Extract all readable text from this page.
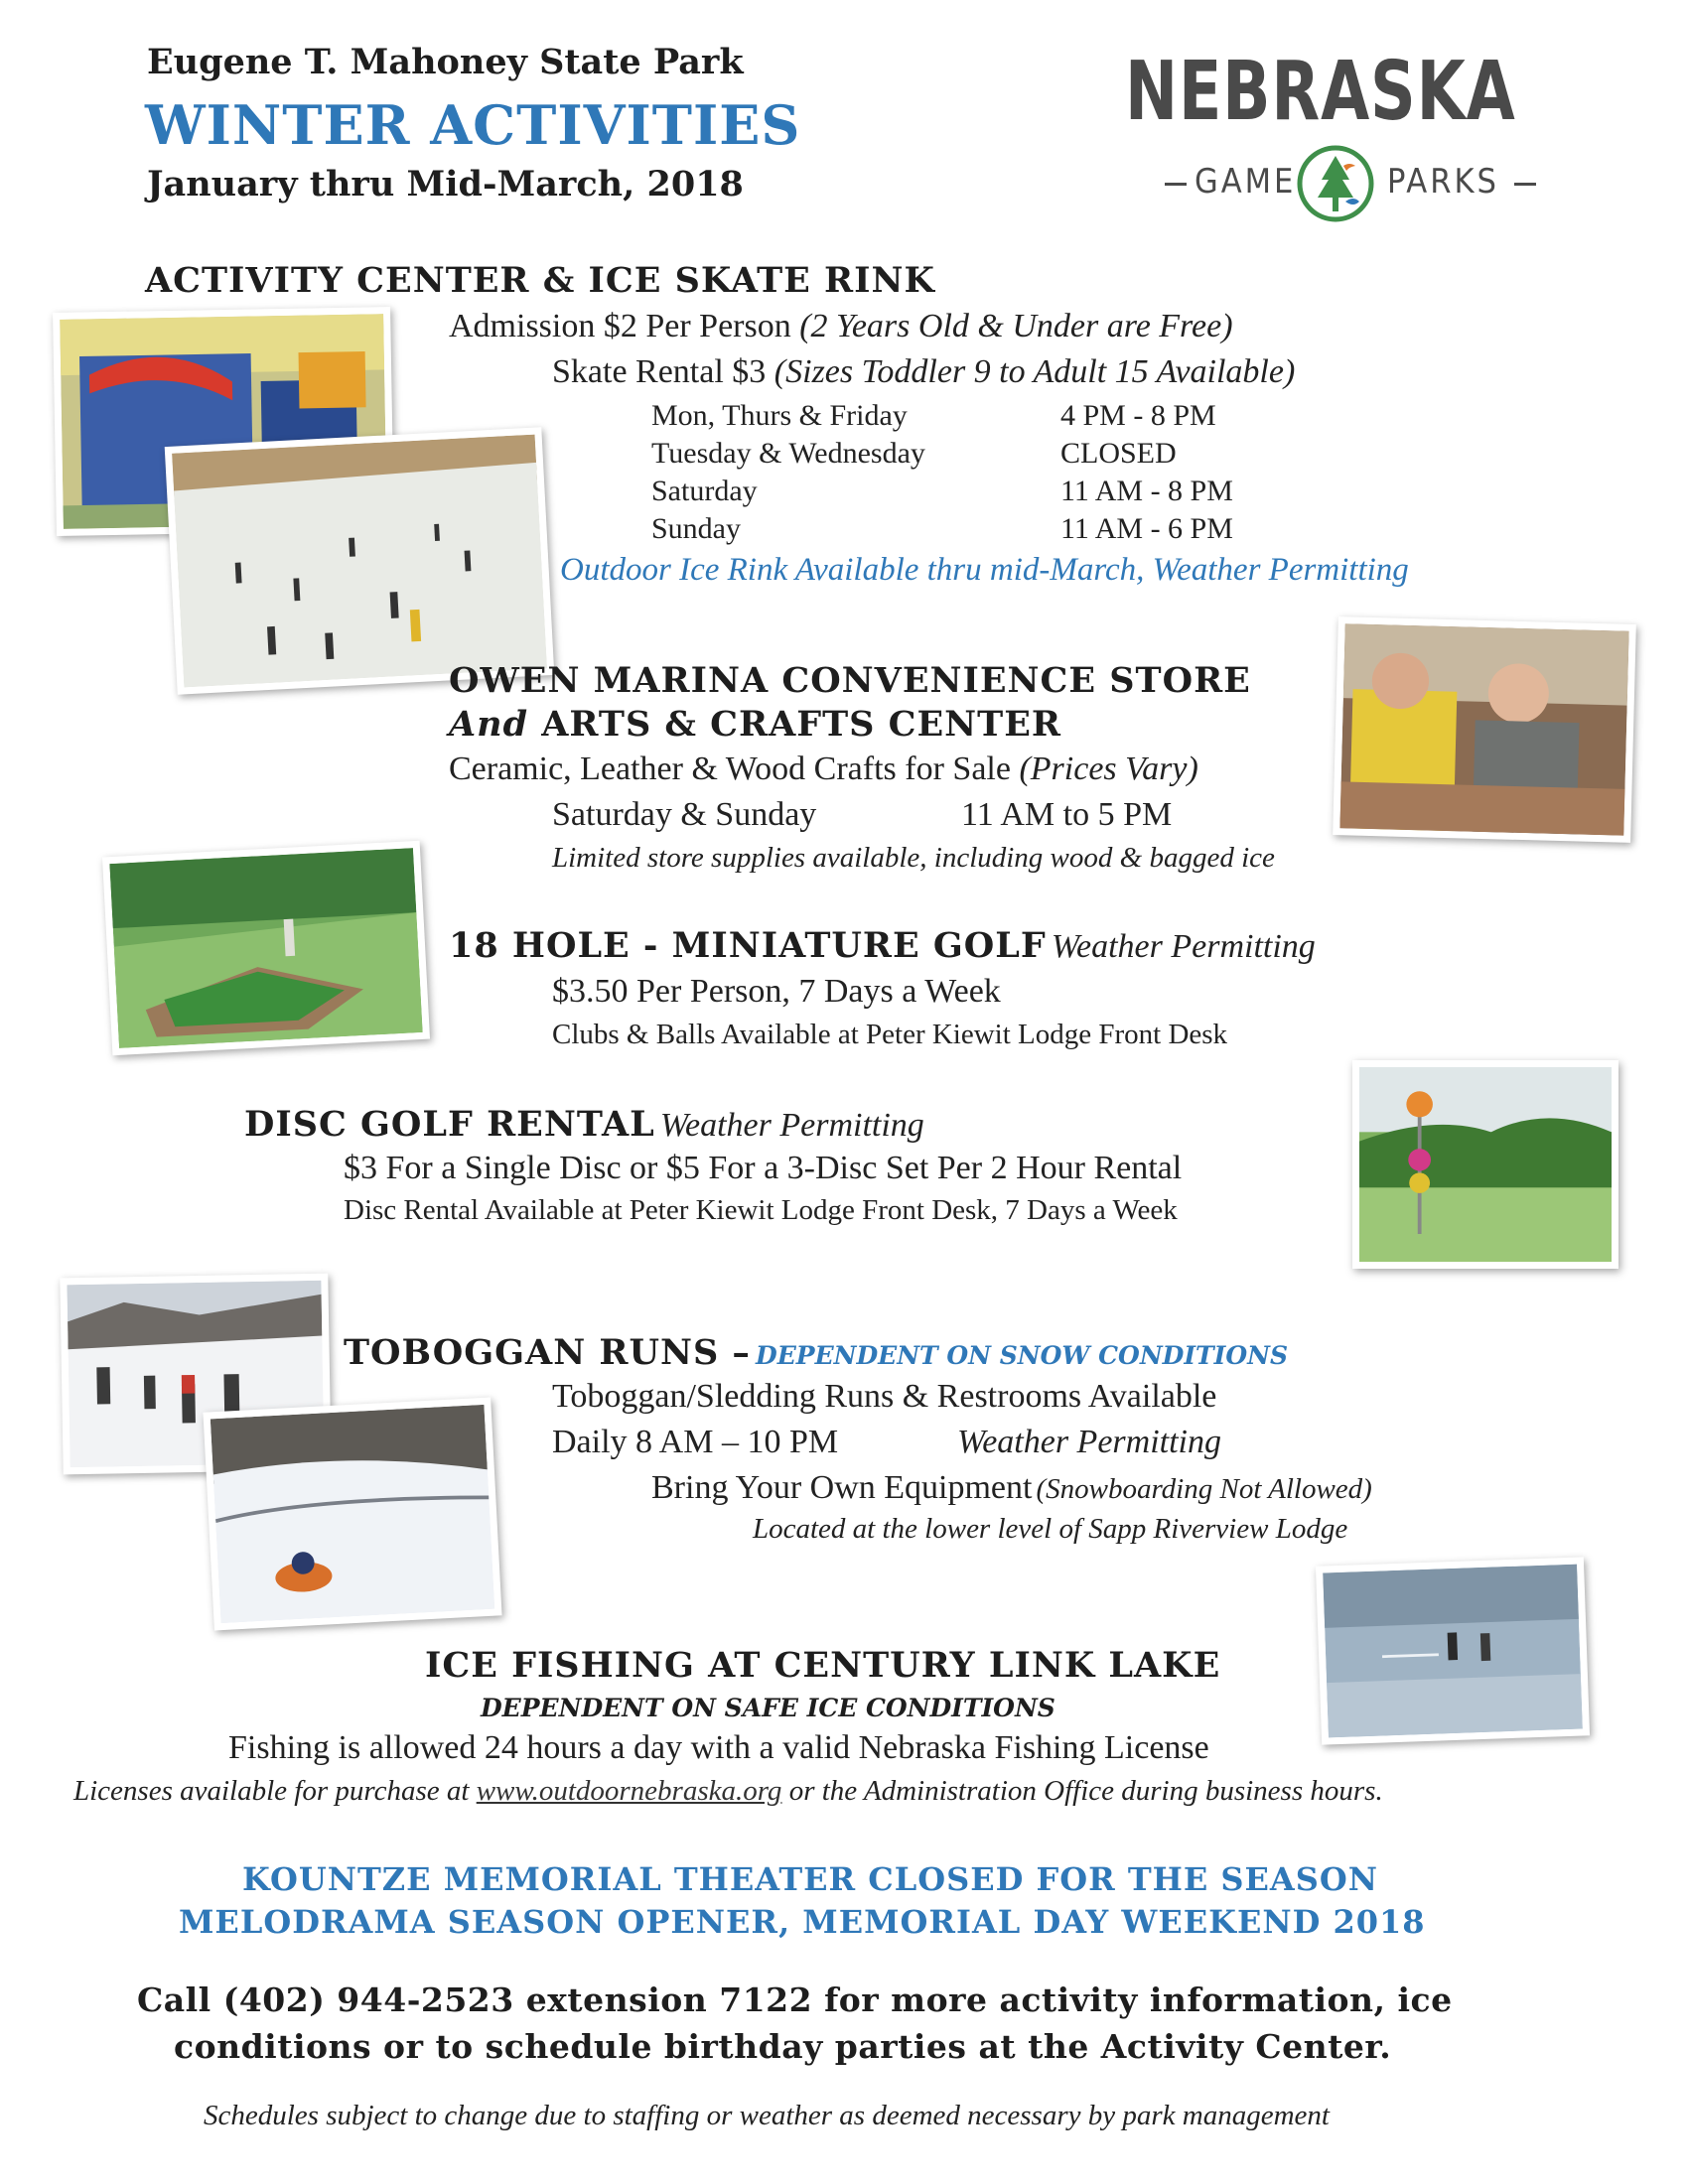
Eugene T. Mahoney State Park
WINTER ACTIVITIES
January thru Mid-March, 2018
NEBRASKA
GAME	PARKS
ACTIVITY CENTER & ICE SKATE RINK
Admission $2 Per Person (2 Years Old & Under are Free)
Skate Rental $3 (Sizes Toddler 9 to Adult 15 Available)
Mon, Thurs & Friday	4 PM - 8 PM
Tuesday & Wednesday	CLOSED
Saturday	11 AM - 8 PM
Sunday	11 AM - 6 PM
Outdoor Ice Rink Available thru mid-March, Weather Permitting
OWEN MARINA CONVENIENCE STORE
And ARTS & CRAFTS CENTER
Ceramic, Leather & Wood Crafts for Sale (Prices Vary)
Saturday & Sunday	11 AM to 5 PM
Limited store supplies available, including wood & bagged ice
18 HOLE - MINIATURE GOLF Weather Permitting
$3.50 Per Person, 7 Days a Week
Clubs & Balls Available at Peter Kiewit Lodge Front Desk
DISC GOLF RENTAL Weather Permitting
$3 For a Single Disc or $5 For a 3-Disc Set Per 2 Hour Rental
Disc Rental Available at Peter Kiewit Lodge Front Desk, 7 Days a Week
TOBOGGAN RUNS – DEPENDENT ON SNOW CONDITIONS
Toboggan/Sledding Runs & Restrooms Available
Daily 8 AM – 10 PM	Weather Permitting
Bring Your Own Equipment (Snowboarding Not Allowed)
Located at the lower level of Sapp Riverview Lodge
ICE FISHING AT CENTURY LINK LAKE
DEPENDENT ON SAFE ICE CONDITIONS
Fishing is allowed 24 hours a day with a valid Nebraska Fishing License
Licenses available for purchase at www.outdoornebraska.org or the Administration Office during business hours.
KOUNTZE MEMORIAL THEATER CLOSED FOR THE SEASON
MELODRAMA SEASON OPENER, MEMORIAL DAY WEEKEND 2018
Call (402) 944-2523 extension 7122 for more activity information, ice
conditions or to schedule birthday parties at the Activity Center.
Schedules subject to change due to staffing or weather as deemed necessary by park management
